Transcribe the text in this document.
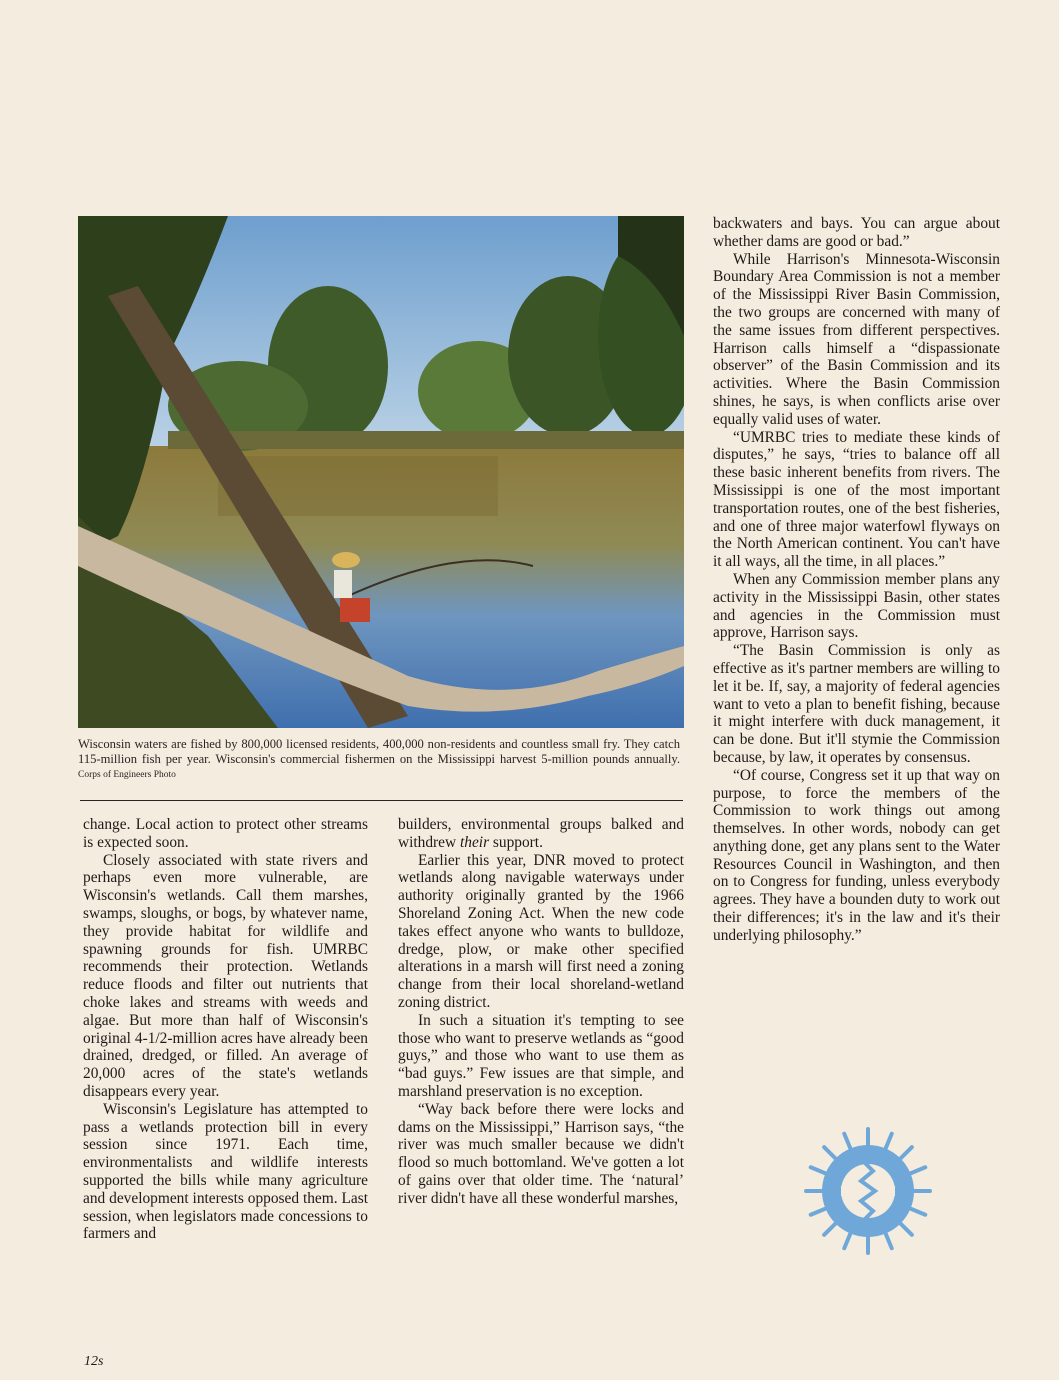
Wisconsin waters are fished by 800,000 licensed residents, 400,000 non-residents and countless small fry. They catch 115-million fish per year. Wisconsin's commercial fishermen on the Mississippi harvest 5-million pounds annually. Corps of Engineers Photo

change. Local action to protect other streams is expected soon.

Closely associated with state rivers and perhaps even more vulnerable, are Wisconsin's wetlands. Call them marshes, swamps, sloughs, or bogs, by whatever name, they provide habitat for wildlife and spawning grounds for fish. UMRBC recommends their protection. Wetlands reduce floods and filter out nutrients that choke lakes and streams with weeds and algae. But more than half of Wisconsin's original 4-1/2-million acres have already been drained, dredged, or filled. An average of 20,000 acres of the state's wetlands disappears every year.

Wisconsin's Legislature has attempted to pass a wetlands protection bill in every session since 1971. Each time, environmentalists and wildlife interests supported the bills while many agriculture and development interests opposed them. Last session, when legislators made concessions to farmers and

builders, environmental groups balked and withdrew their support.

Earlier this year, DNR moved to protect wetlands along navigable waterways under authority originally granted by the 1966 Shoreland Zoning Act. When the new code takes effect anyone who wants to bulldoze, dredge, plow, or make other specified alterations in a marsh will first need a zoning change from their local shoreland-wetland zoning district.

In such a situation it's tempting to see those who want to preserve wetlands as “good guys,” and those who want to use them as “bad guys.” Few issues are that simple, and marshland preservation is no exception.

“Way back before there were locks and dams on the Mississippi,” Harrison says, “the river was much smaller because we didn't flood so much bottomland. We've gotten a lot of gains over that older time. The ‘natural’ river didn't have all these wonderful marshes,

backwaters and bays. You can argue about whether dams are good or bad.”

While Harrison's Minnesota-Wisconsin Boundary Area Commission is not a member of the Mississippi River Basin Commission, the two groups are concerned with many of the same issues from different perspectives. Harrison calls himself a “dispassionate observer” of the Basin Commission and its activities. Where the Basin Commission shines, he says, is when conflicts arise over equally valid uses of water.

“UMRBC tries to mediate these kinds of disputes,” he says, “tries to balance off all these basic inherent benefits from rivers. The Mississippi is one of the most important transportation routes, one of the best fisheries, and one of three major waterfowl flyways on the North American continent. You can't have it all ways, all the time, in all places.”

When any Commission member plans any activity in the Mississippi Basin, other states and agencies in the Commission must approve, Harrison says.

“The Basin Commission is only as effective as it's partner members are willing to let it be. If, say, a majority of federal agencies want to veto a plan to benefit fishing, because it might interfere with duck management, it can be done. But it'll stymie the Commission because, by law, it operates by consensus.

“Of course, Congress set it up that way on purpose, to force the members of the Commission to work things out among themselves. In other words, nobody can get anything done, get any plans sent to the Water Resources Council in Washington, and then on to Congress for funding, unless everybody agrees. They have a bounden duty to work out their differences; it's in the law and it's their underlying philosophy.”

12s
